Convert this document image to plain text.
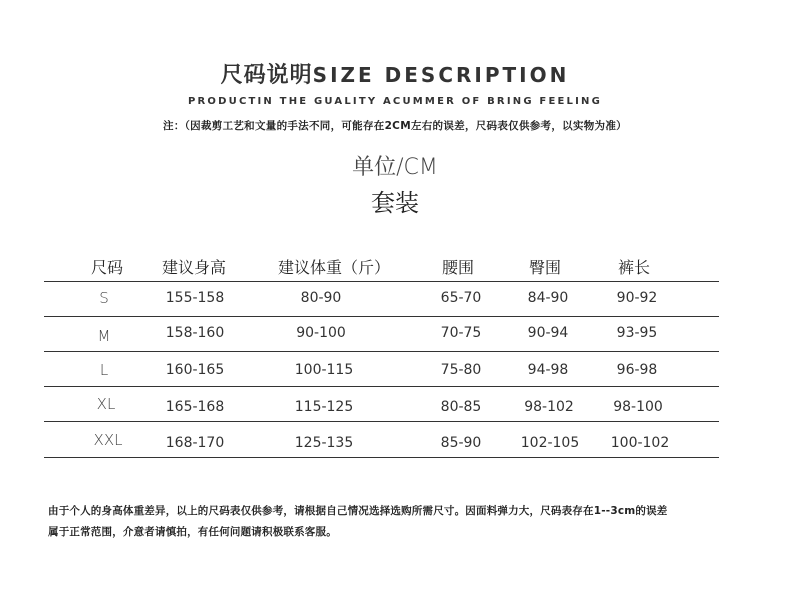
尺码说明SIZE DESCRIPTION
PRODUCTIN THE GUALITY ACUMMER OF BRING FEELING
注：（因裁剪工艺和文量的手法不同，可能存在2CM左右的误差，尺码表仅供参考，以实物为准）
单位/CM
套装
尺码 建议身高	建议体重（斤）	腰围	臀围	裤长
S	155-158	80-90	65-70	84-90	90-92
M	158-160	90-100	70-75	90-94	93-95
L	160-165	100-115	75-80	94-98	96-98
XL	165-168	115-125	80-85	98-102	98-100
XXL	168-170	125-135	85-90	102-105 100-102
由于个人的身高体重差异，以上的尺码表仅供参考，请根据自己情况选择选购所需尺寸。因面料弹力大，尺码表存在1--3cm的误差
属于正常范围，介意者请慎拍，有任何问题请积极联系客服。
